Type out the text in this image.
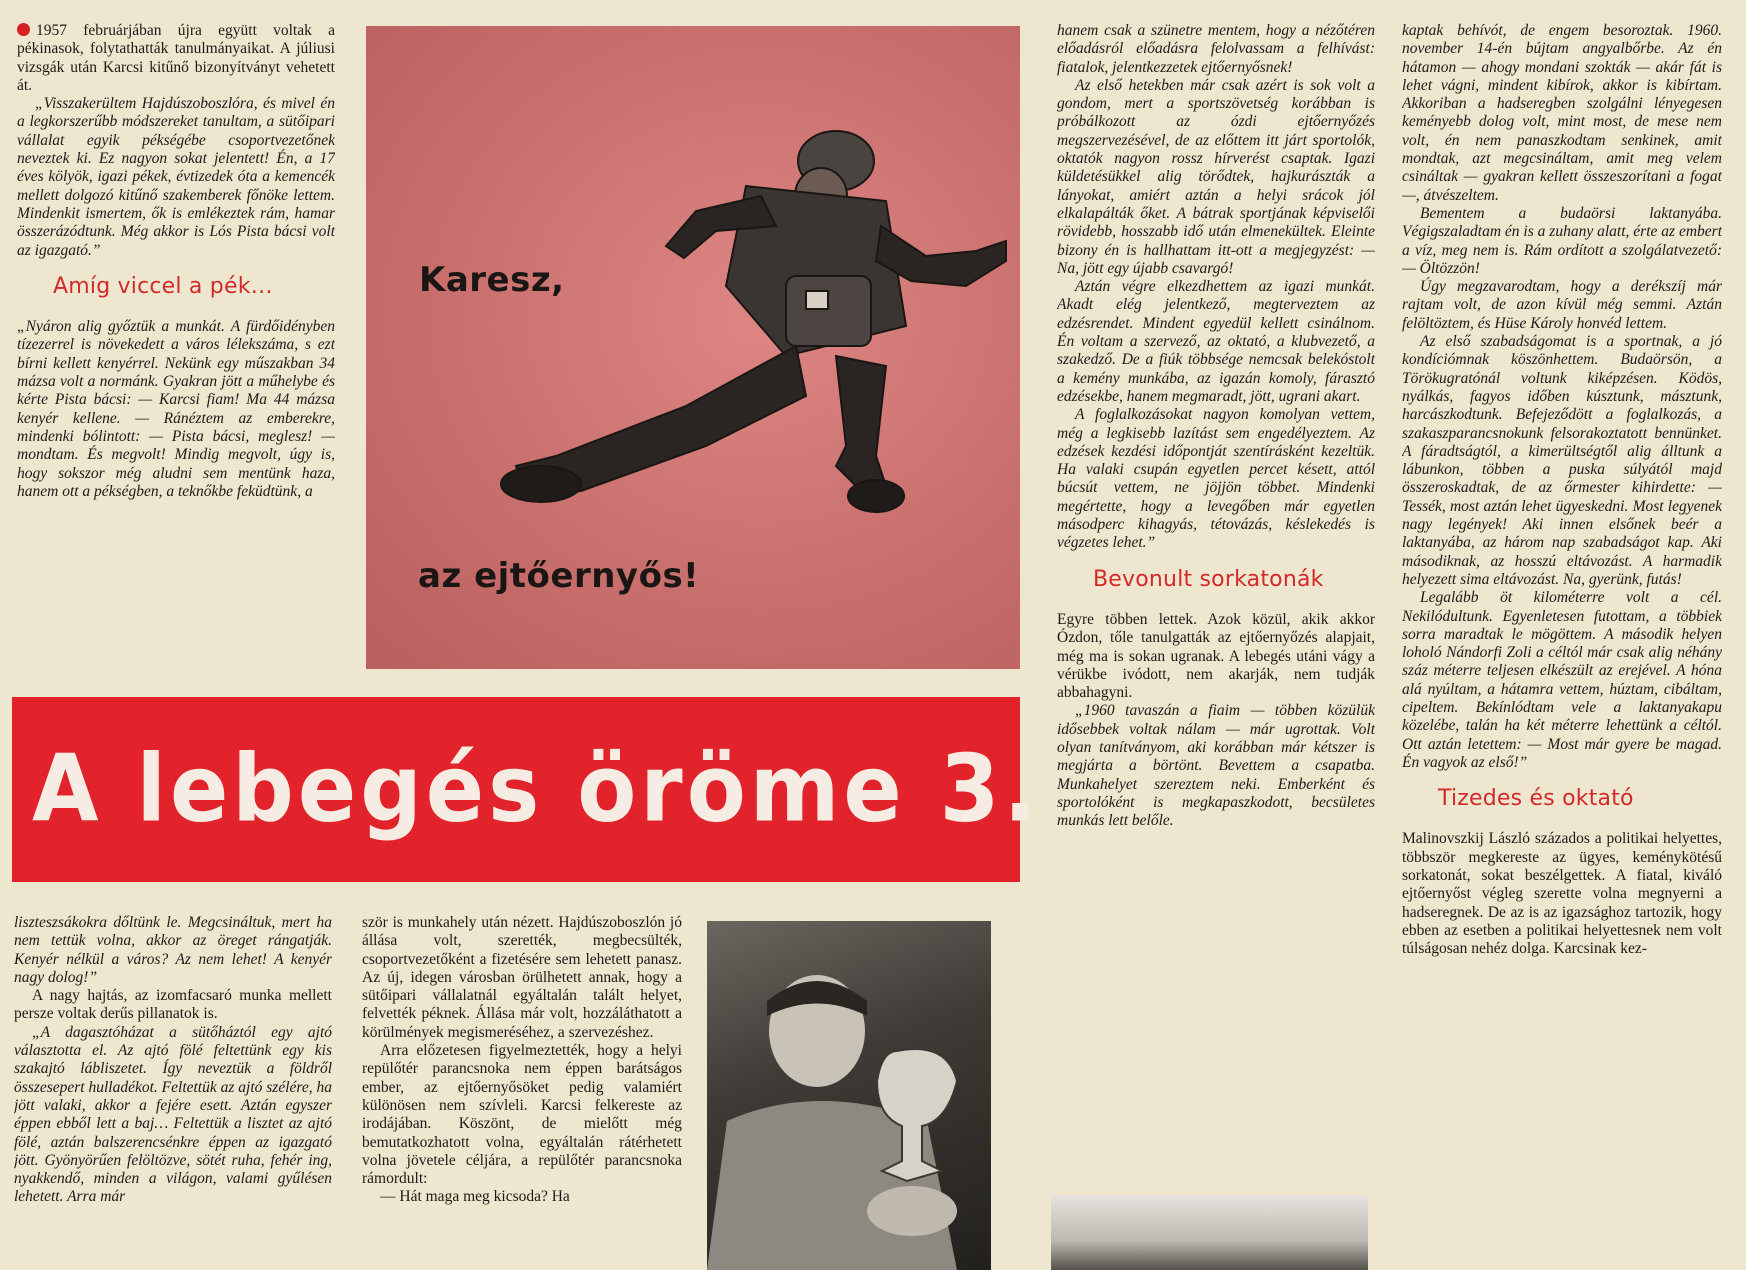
1957 februárjában újra együtt voltak a pékinasok, folytathatták tanulmányaikat. A júliusi vizsgák után Karcsi kitűnő bizonyítványt vehetett át.

„Visszakerültem Hajdúszoboszlóra, és mivel én a legkorszerűbb módszereket tanultam, a sütőipari vállalat egyik pékségébe csoportvezetőnek neveztek ki. Ez nagyon sokat jelentett! Én, a 17 éves kölyök, igazi pékek, évtizedek óta a kemencék mellett dolgozó kitűnő szakemberek főnöke lettem. Mindenkit ismertem, ők is emlékeztek rám, hamar összerázódtunk. Még akkor is Lós Pista bácsi volt az igazgató.”

Amíg viccel a pék…

„Nyáron alig győztük a munkát. A fürdőidényben tízezerrel is növekedett a város lélekszáma, s ezt bírni kellett kenyérrel. Nekünk egy műszakban 34 mázsa volt a normánk. Gyakran jött a műhelybe és kérte Pista bácsi: — Karcsi fiam! Ma 44 mázsa kenyér kellene. — Ránéztem az emberekre, mindenki bólintott: — Pista bácsi, meglesz! — mondtam. És megvolt! Mindig megvolt, úgy is, hogy sokszor még aludni sem mentünk haza, hanem ott a pékségben, a teknőkbe feküdtünk, a

Karesz,
az ejtőernyős!
A lebegés öröme 3.

liszteszsákokra dőltünk le. Megcsináltuk, mert ha nem tettük volna, akkor az öreget rángatják. Kenyér nélkül a város? Az nem lehet! A kenyér nagy dolog!”

A nagy hajtás, az izomfacsaró munka mellett persze voltak derűs pillanatok is.

„A dagasztóházat a sütőháztól egy ajtó választotta el. Az ajtó fölé feltettünk egy kis szakajtó lábliszetet. Így neveztük a földről összesepert hulladékot. Feltettük az ajtó szélére, ha jött valaki, akkor a fejére esett. Aztán egyszer éppen ebből lett a baj… Feltettük a lisztet az ajtó fölé, aztán balszerencsénkre éppen az igazgató jött. Gyönyörűen felöltözve, sötét ruha, fehér ing, nyakkendő, minden a világon, valami gyűlésen lehetett. Arra már

ször is munkahely után nézett. Hajdúszoboszlón jó állása volt, szerették, megbecsülték, csoportvezetőként a fizetésére sem lehetett panasz. Az új, idegen városban örülhetett annak, hogy a sütőipari vállalatnál egyáltalán talált helyet, felvették péknek. Állása már volt, hozzáláthatott a körülmények megismeréséhez, a szervezéshez.

Arra előzetesen figyelmeztették, hogy a helyi repülőtér parancsnoka nem éppen barátságos ember, az ejtőernyősöket pedig valamiért különösen nem szívleli. Karcsi felkereste az irodájában. Köszönt, de mielőtt még bemutatkozhatott volna, egyáltalán rátérhetett volna jövetele céljára, a repülőtér parancsnoka rámordult:

— Hát maga meg kicsoda? Ha

hanem csak a szünetre mentem, hogy a nézőtéren előadásról előadásra felolvassam a felhívást: fiatalok, jelentkezzetek ejtőernyősnek!

Az első hetekben már csak azért is sok volt a gondom, mert a sportszövetség korábban is próbálkozott az ózdi ejtőernyőzés megszervezésével, de az előttem itt járt sportolók, oktatók nagyon rossz hírverést csaptak. Igazi küldetésükkel alig törődtek, hajkurászták a lányokat, amiért aztán a helyi srácok jól elkalapálták őket. A bátrak sportjának képviselői rövidebb, hosszabb idő után elmenekültek. Eleinte bizony én is hallhattam itt-ott a megjegyzést: — Na, jött egy újabb csavargó!

Aztán végre elkezdhettem az igazi munkát. Akadt elég jelentkező, megterveztem az edzésrendet. Mindent egyedül kellett csinálnom. Én voltam a szervező, az oktató, a klubvezető, a szakedző. De a fiúk többsége nemcsak belekóstolt a kemény munkába, az igazán komoly, fárasztó edzésekbe, hanem megmaradt, jött, ugrani akart.

A foglalkozásokat nagyon komolyan vettem, még a legkisebb lazítást sem engedélyeztem. Az edzések kezdési időpontját szentírásként kezeltük. Ha valaki csupán egyetlen percet késett, attól búcsút vettem, ne jöjjön többet. Mindenki megértette, hogy a levegőben már egyetlen másodperc kihagyás, tétovázás, késlekedés is végzetes lehet.”

Bevonult sorkatonák

Egyre többen lettek. Azok közül, akik akkor Ózdon, tőle tanulgatták az ejtőernyőzés alapjait, még ma is sokan ugranak. A lebegés utáni vágy a vérükbe ivódott, nem akarják, nem tudják abbahagyni.

„1960 tavaszán a fiaim — többen közülük idősebbek voltak nálam — már ugrottak. Volt olyan tanítványom, aki korábban már kétszer is megjárta a börtönt. Bevettem a csapatba. Munkahelyet szereztem neki. Emberként és sportolóként is megkapaszkodott, becsületes munkás lett belőle.

kaptak behívót, de engem besoroztak. 1960. november 14-én bújtam angyalbőrbe. Az én hátamon — ahogy mondani szokták — akár fát is lehet vágni, mindent kibírok, akkor is kibírtam. Akkoriban a hadseregben szolgálni lényegesen keményebb dolog volt, mint most, de mese nem volt, én nem panaszkodtam senkinek, amit mondtak, azt megcsináltam, amit meg velem csináltak — gyakran kellett összeszorítani a fogat —, átvészeltem.

Bementem a budaörsi laktanyába. Végigszaladtam én is a zuhany alatt, érte az embert a víz, meg nem is. Rám ordított a szolgálatvezető: — Öltözzön!

Úgy megzavarodtam, hogy a derékszíj már rajtam volt, de azon kívül még semmi. Aztán felöltöztem, és Hüse Károly honvéd lettem.

Az első szabadságomat is a sportnak, a jó kondíciómnak köszönhettem. Budaörsön, a Törökugratónál voltunk kiképzésen. Ködös, nyálkás, fagyos időben kúsztunk, másztunk, harcászkodtunk. Befejeződött a foglalkozás, a szakaszparancsnokunk felsorakoztatott bennünket. A fáradtságtól, a kimerültségtől alig álltunk a lábunkon, többen a puska súlyától majd összeroskadtak, de az őrmester kihirdette: — Tessék, most aztán lehet ügyeskedni. Most legyenek nagy legények! Aki innen elsőnek beér a laktanyába, az három nap szabadságot kap. Aki másodiknak, az hosszú eltávozást. A harmadik helyezett sima eltávozást. Na, gyerünk, futás!

Legalább öt kilométerre volt a cél. Nekilódultunk. Egyenletesen futottam, a többiek sorra maradtak le mögöttem. A második helyen loholó Nándorfi Zoli a céltól már csak alig néhány száz méterre teljesen elkészült az erejével. A hóna alá nyúltam, a hátamra vettem, húztam, cibáltam, cipeltem. Bekínlódtam vele a laktanyakapu közelébe, talán ha két méterre lehettünk a céltól. Ott aztán letettem: — Most már gyere be magad. Én vagyok az első!”

Tizedes és oktató

Malinovszkij László százados a politikai helyettes, többször megkereste az ügyes, keménykötésű sorkatonát, sokat beszélgettek. A fiatal, kiváló ejtőernyőst végleg szerette volna megnyerni a hadseregnek. De az is az igazsághoz tartozik, hogy ebben az esetben a politikai helyettesnek nem volt túlságosan nehéz dolga. Karcsinak kez-
